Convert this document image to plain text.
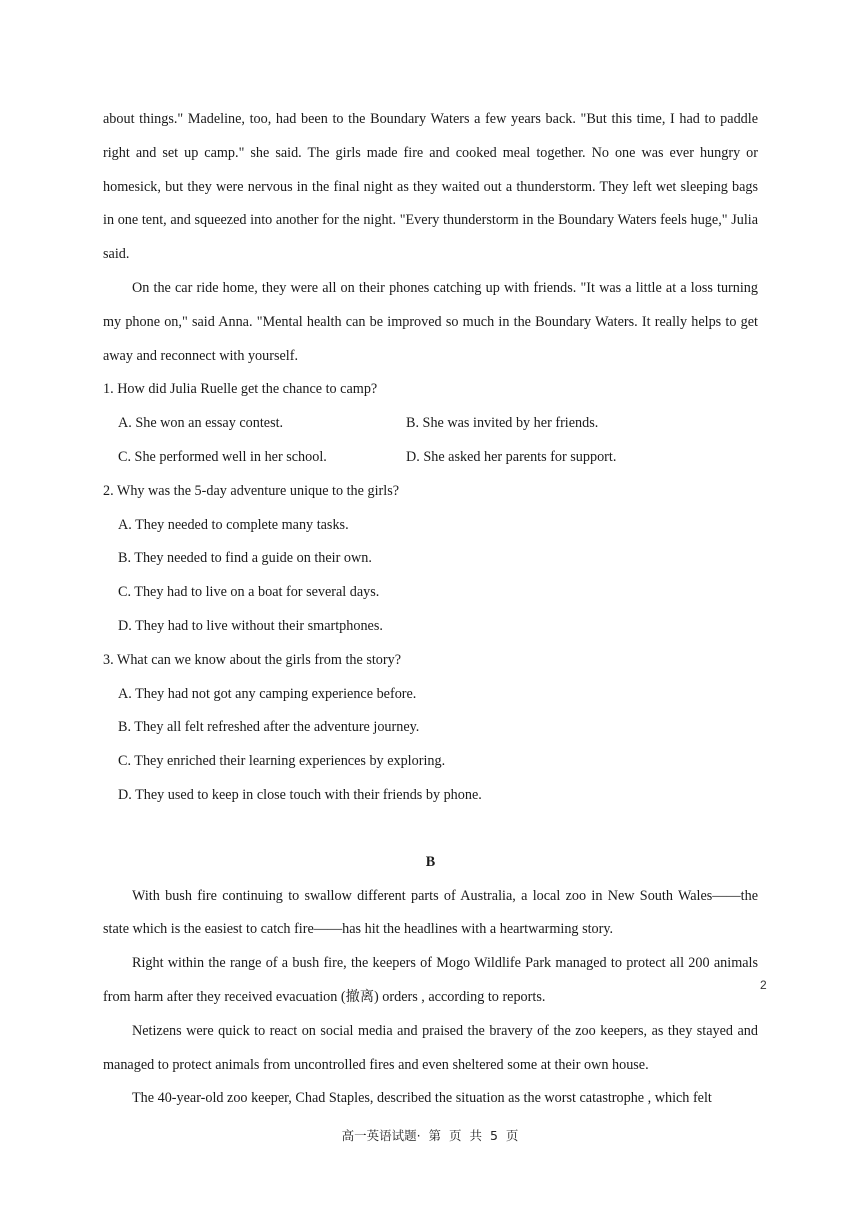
about things." Madeline, too, had been to the Boundary Waters a few years back. "But this time, I had to paddle right and set up camp." she said. The girls made fire and cooked meal together. No one was ever hungry or homesick, but they were nervous in the final night as they waited out a thunderstorm. They left wet sleeping bags in one tent, and squeezed into another for the night. "Every thunderstorm in the Boundary Waters feels huge," Julia said.

On the car ride home, they were all on their phones catching up with friends. "It was a little at a loss turning my phone on," said Anna. "Mental health can be improved so much in the Boundary Waters. It really helps to get away and reconnect with yourself.

1. How did Julia Ruelle get the chance to camp?

A. She won an essay contest.	B. She was invited by her friends.

C. She performed well in her school.	D. She asked her parents for support.

2. Why was the 5-day adventure unique to the girls?

A. They needed to complete many tasks.

B. They needed to find a guide on their own.

C. They had to live on a boat for several days.

D. They had to live without their smartphones.

3. What can we know about the girls from the story?

A. They had not got any camping experience before.

B. They all felt refreshed after the adventure journey.

C. They enriched their learning experiences by exploring.

D. They used to keep in close touch with their friends by phone.

B

With bush fire continuing to swallow different parts of Australia, a local zoo in New South Wales——the state which is the easiest to catch fire——has hit the headlines with a heartwarming story.

Right within the range of a bush fire, the keepers of Mogo Wildlife Park managed to protect all 200 animals from harm after they received evacuation (撤离) orders , according to reports.

Netizens were quick to react on social media and praised the bravery of the zoo keepers, as they stayed and managed to protect animals from uncontrolled fires and even sheltered some at their own house.

The 40-year-old zoo keeper, Chad Staples, described the situation as the worst catastrophe , which felt

2
高一英语试题· 第 页 共 5 页
